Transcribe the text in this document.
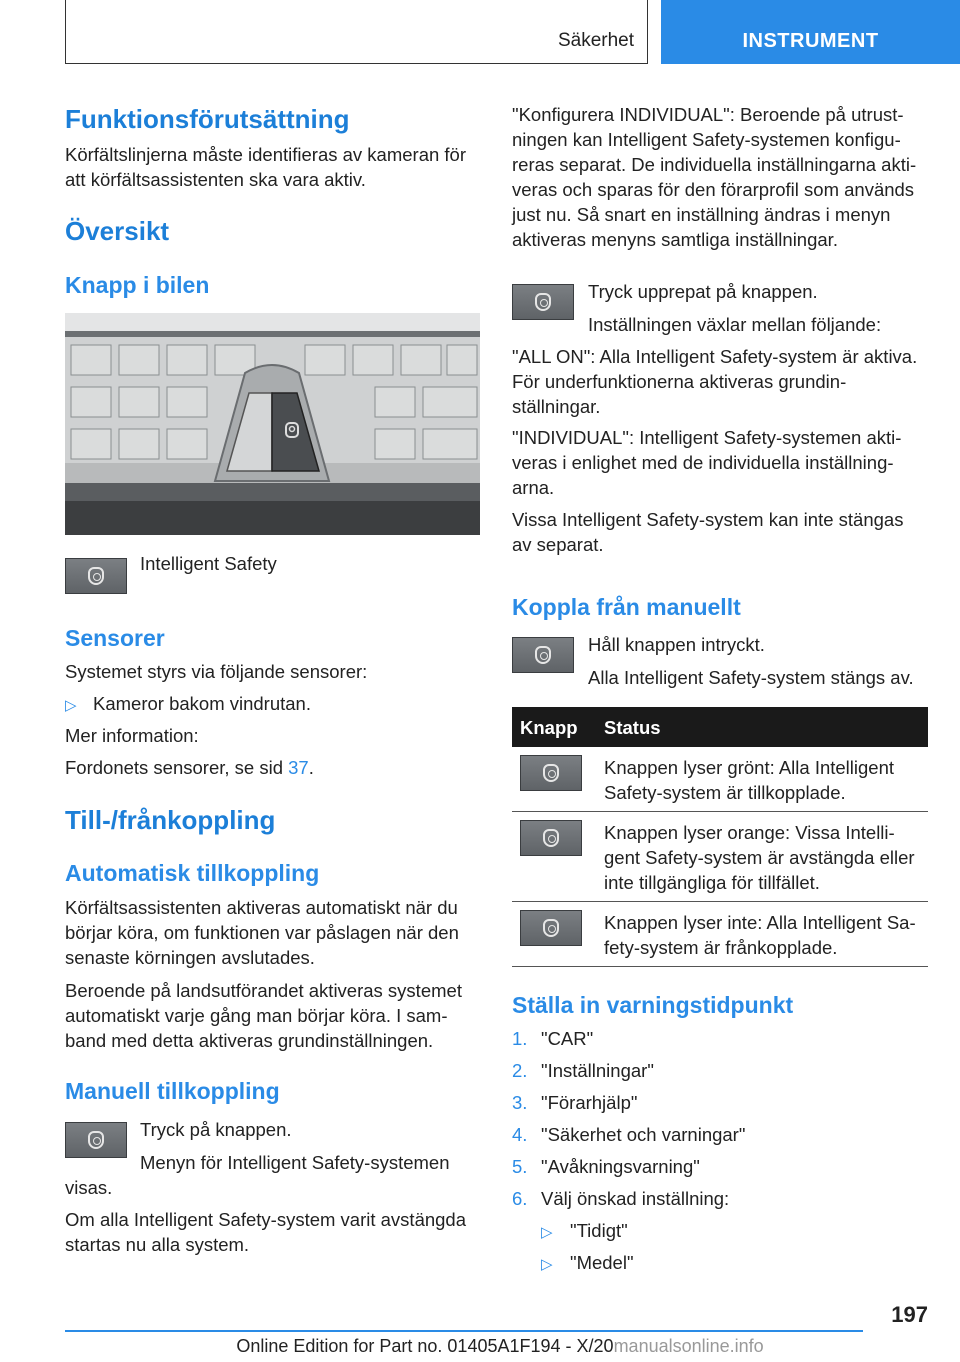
Säkerhet	INSTRUMENT
Funktionsförutsättning

Körfältslinjerna måste identifieras av kameran för att körfältsassistenten ska vara aktiv.

Översikt
Knapp i bilen

Intelligent Safety

Sensorer

Systemet styrs via följande sensorer:

▷ Kameror bakom vindrutan.

Mer information:

Fordonets sensorer, se sid 37.

Till-/frånkoppling
Automatisk tillkoppling

Körfältsassistenten aktiveras automatiskt när du börjar köra, om funktionen var påslagen när den senaste körningen avslutades.

Beroende på landsutförandet aktiveras systemet automatiskt varje gång man börjar köra. I samband med detta aktiveras grundinställningen.

Manuell tillkoppling

Tryck på knappen.

Menyn för Intelligent Safety-systemen

visas.

Om alla Intelligent Safety-system varit avstängda startas nu alla system.

"Konfigurera INDIVIDUAL": Beroende på utrustningen kan Intelligent Safety-systemen konfigureras separat. De individuella inställningarna aktiveras och sparas för den förarprofil som används just nu. Så snart en inställning ändras i menyn aktiveras menyns samtliga inställningar.

Tryck upprepat på knappen.

Inställningen växlar mellan följande:

"ALL ON": Alla Intelligent Safety-system är aktiva. För underfunktionerna aktiveras grundinställningar.

"INDIVIDUAL": Intelligent Safety-systemen aktiveras i enlighet med de individuella inställningarna.

Vissa Intelligent Safety-system kan inte stängas av separat.

Koppla från manuellt

Håll knappen intryckt.

Alla Intelligent Safety-system stängs av.

Knapp	Status

	Knappen lyser grönt: Alla Intelligent Safety-system är tillkopplade.

	Knappen lyser orange: Vissa Intelligent Safety-system är avstängda eller inte tillgängliga för tillfället.

	Knappen lyser inte: Alla Intelligent Safety-system är frånkopplade.
Ställa in varningstidpunkt
1. "CAR"
2. "Inställningar"
3. "Förarhjälp"
4. "Säkerhet och varningar"
5. "Avåkningsvarning"
6. Välj önskad inställning:
▷ "Tidigt"
▷ "Medel"
197
Online Edition for Part no. 01405A1F194 - X/20manualsonline.info
